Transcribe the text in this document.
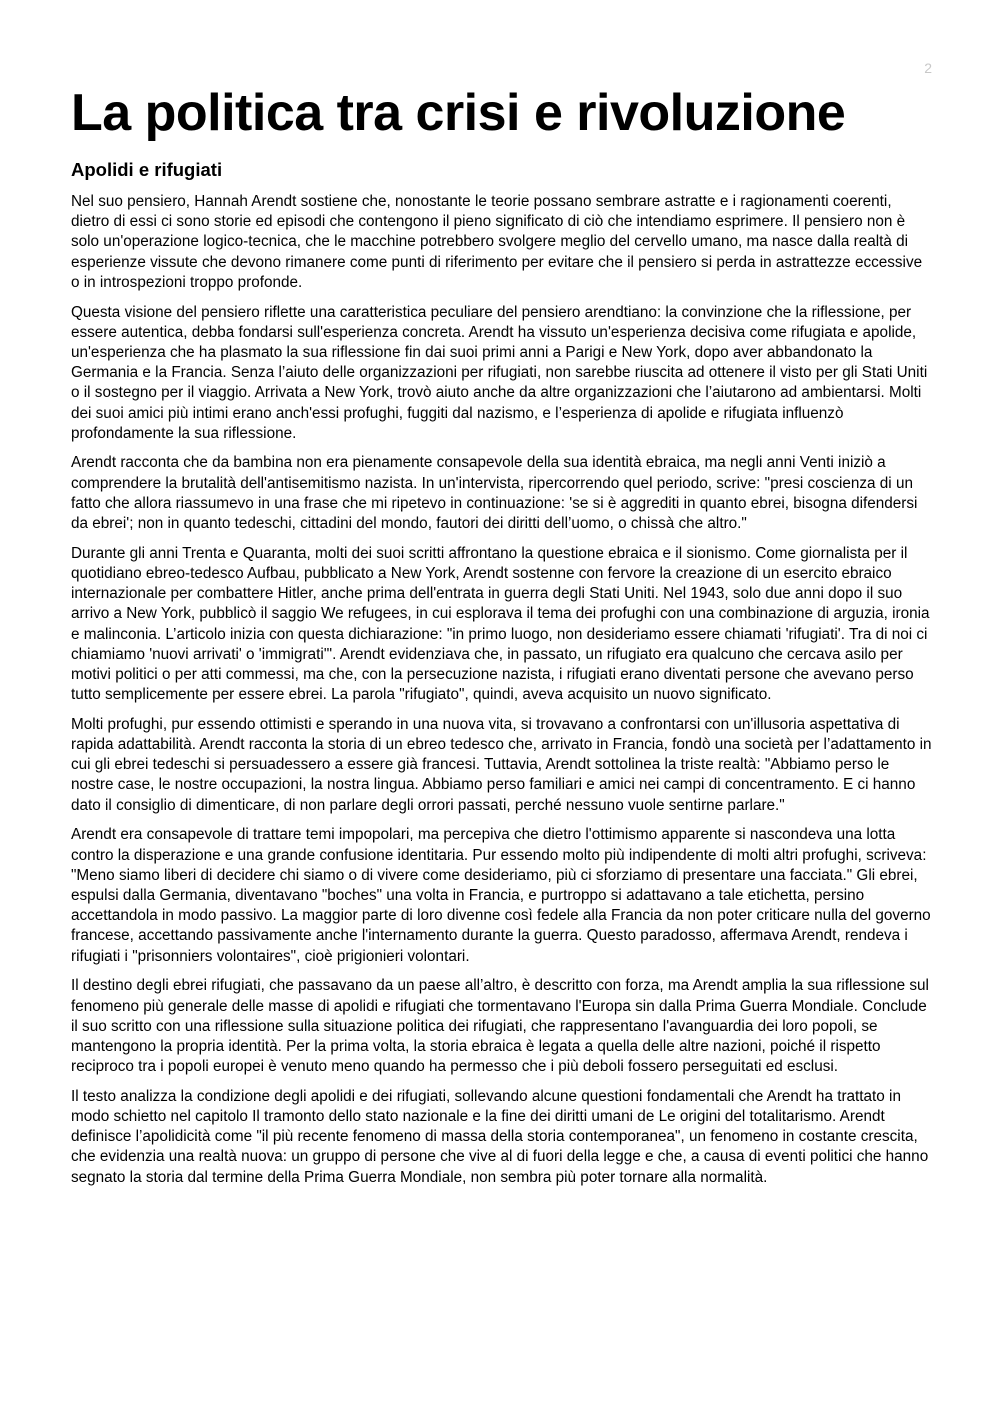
2
La politica tra crisi e rivoluzione
Apolidi e rifugiati

Nel suo pensiero, Hannah Arendt sostiene che, nonostante le teorie possano sembrare astratte e i ragionamenti coerenti, dietro di essi ci sono storie ed episodi che contengono il pieno significato di ciò che intendiamo esprimere. Il pensiero non è solo un'operazione logico-tecnica, che le macchine potrebbero svolgere meglio del cervello umano, ma nasce dalla realtà di esperienze vissute che devono rimanere come punti di riferimento per evitare che il pensiero si perda in astrattezze eccessive o in introspezioni troppo profonde.

Questa visione del pensiero riflette una caratteristica peculiare del pensiero arendtiano: la convinzione che la riflessione, per essere autentica, debba fondarsi sull'esperienza concreta. Arendt ha vissuto un'esperienza decisiva come rifugiata e apolide, un'esperienza che ha plasmato la sua riflessione fin dai suoi primi anni a Parigi e New York, dopo aver abbandonato la Germania e la Francia. Senza l’aiuto delle organizzazioni per rifugiati, non sarebbe riuscita ad ottenere il visto per gli Stati Uniti o il sostegno per il viaggio. Arrivata a New York, trovò aiuto anche da altre organizzazioni che l’aiutarono ad ambientarsi. Molti dei suoi amici più intimi erano anch'essi profughi, fuggiti dal nazismo, e l’esperienza di apolide e rifugiata influenzò profondamente la sua riflessione.

Arendt racconta che da bambina non era pienamente consapevole della sua identità ebraica, ma negli anni Venti iniziò a comprendere la brutalità dell'antisemitismo nazista. In un'intervista, ripercorrendo quel periodo, scrive: "presi coscienza di un fatto che allora riassumevo in una frase che mi ripetevo in continuazione: 'se si è aggrediti in quanto ebrei, bisogna difendersi da ebrei'; non in quanto tedeschi, cittadini del mondo, fautori dei diritti dell’uomo, o chissà che altro."

Durante gli anni Trenta e Quaranta, molti dei suoi scritti affrontano la questione ebraica e il sionismo. Come giornalista per il quotidiano ebreo-tedesco Aufbau, pubblicato a New York, Arendt sostenne con fervore la creazione di un esercito ebraico internazionale per combattere Hitler, anche prima dell'entrata in guerra degli Stati Uniti. Nel 1943, solo due anni dopo il suo arrivo a New York, pubblicò il saggio We refugees, in cui esplorava il tema dei profughi con una combinazione di arguzia, ironia e malinconia. L’articolo inizia con questa dichiarazione: "in primo luogo, non desideriamo essere chiamati 'rifugiati'. Tra di noi ci chiamiamo 'nuovi arrivati' o 'immigrati'". Arendt evidenziava che, in passato, un rifugiato era qualcuno che cercava asilo per motivi politici o per atti commessi, ma che, con la persecuzione nazista, i rifugiati erano diventati persone che avevano perso tutto semplicemente per essere ebrei. La parola "rifugiato", quindi, aveva acquisito un nuovo significato.

Molti profughi, pur essendo ottimisti e sperando in una nuova vita, si trovavano a confrontarsi con un'illusoria aspettativa di rapida adattabilità. Arendt racconta la storia di un ebreo tedesco che, arrivato in Francia, fondò una società per l’adattamento in cui gli ebrei tedeschi si persuadessero a essere già francesi. Tuttavia, Arendt sottolinea la triste realtà: "Abbiamo perso le nostre case, le nostre occupazioni, la nostra lingua. Abbiamo perso familiari e amici nei campi di concentramento. E ci hanno dato il consiglio di dimenticare, di non parlare degli orrori passati, perché nessuno vuole sentirne parlare."

Arendt era consapevole di trattare temi impopolari, ma percepiva che dietro l'ottimismo apparente si nascondeva una lotta contro la disperazione e una grande confusione identitaria. Pur essendo molto più indipendente di molti altri profughi, scriveva: "Meno siamo liberi di decidere chi siamo o di vivere come desideriamo, più ci sforziamo di presentare una facciata." Gli ebrei, espulsi dalla Germania, diventavano "boches" una volta in Francia, e purtroppo si adattavano a tale etichetta, persino accettandola in modo passivo. La maggior parte di loro divenne così fedele alla Francia da non poter criticare nulla del governo francese, accettando passivamente anche l'internamento durante la guerra. Questo paradosso, affermava Arendt, rendeva i rifugiati i "prisonniers volontaires", cioè prigionieri volontari.

Il destino degli ebrei rifugiati, che passavano da un paese all’altro, è descritto con forza, ma Arendt amplia la sua riflessione sul fenomeno più generale delle masse di apolidi e rifugiati che tormentavano l'Europa sin dalla Prima Guerra Mondiale. Conclude il suo scritto con una riflessione sulla situazione politica dei rifugiati, che rappresentano l'avanguardia dei loro popoli, se mantengono la propria identità. Per la prima volta, la storia ebraica è legata a quella delle altre nazioni, poiché il rispetto reciproco tra i popoli europei è venuto meno quando ha permesso che i più deboli fossero perseguitati ed esclusi.

Il testo analizza la condizione degli apolidi e dei rifugiati, sollevando alcune questioni fondamentali che Arendt ha trattato in modo schietto nel capitolo Il tramonto dello stato nazionale e la fine dei diritti umani de Le origini del totalitarismo. Arendt definisce l’apolidicità come "il più recente fenomeno di massa della storia contemporanea", un fenomeno in costante crescita, che evidenzia una realtà nuova: un gruppo di persone che vive al di fuori della legge e che, a causa di eventi politici che hanno segnato la storia dal termine della Prima Guerra Mondiale, non sembra più poter tornare alla normalità.
